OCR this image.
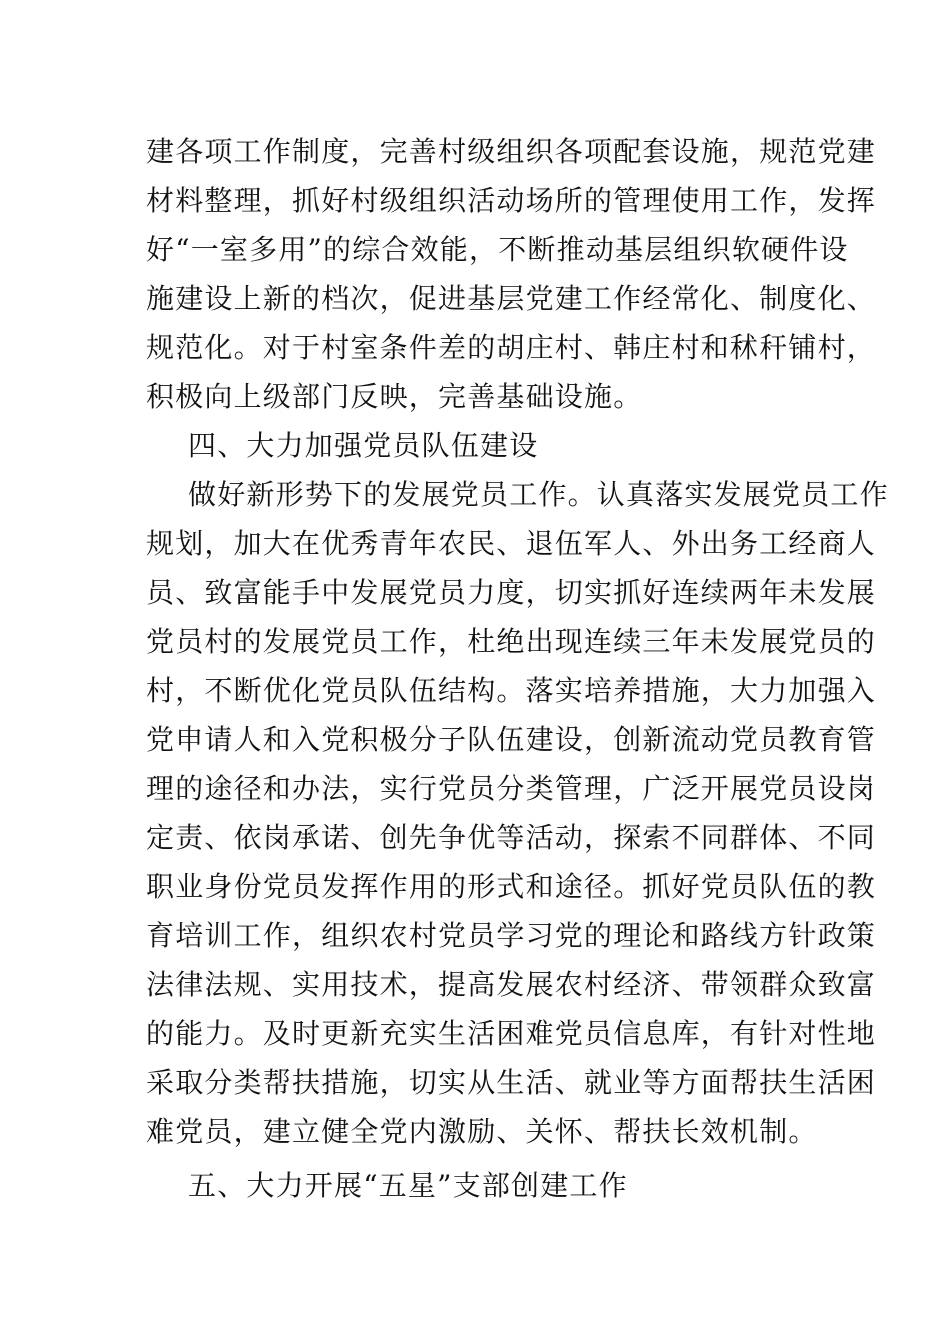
建各项工作制度，完善村级组织各项配套设施，规范党建
材料整理，抓好村级组织活动场所的管理使用工作，发挥
好“一室多用”的综合效能，不断推动基层组织软硬件设
施建设上新的档次，促进基层党建工作经常化、制度化、
规范化。对于村室条件差的胡庄村、韩庄村和秫秆铺村，
积极向上级部门反映，完善基础设施。
四、大力加强党员队伍建设
做好新形势下的发展党员工作。认真落实发展党员工作
规划，加大在优秀青年农民、退伍军人、外出务工经商人
员、致富能手中发展党员力度，切实抓好连续两年未发展
党员村的发展党员工作，杜绝出现连续三年未发展党员的
村，不断优化党员队伍结构。落实培养措施，大力加强入
党申请人和入党积极分子队伍建设，创新流动党员教育管
理的途径和办法，实行党员分类管理，广泛开展党员设岗
定责、依岗承诺、创先争优等活动，探索不同群体、不同
职业身份党员发挥作用的形式和途径。抓好党员队伍的教
育培训工作，组织农村党员学习党的理论和路线方针政策
法律法规、实用技术，提高发展农村经济、带领群众致富
的能力。及时更新充实生活困难党员信息库，有针对性地
采取分类帮扶措施，切实从生活、就业等方面帮扶生活困
难党员，建立健全党内激励、关怀、帮扶长效机制。
五、大力开展“五星”支部创建工作
